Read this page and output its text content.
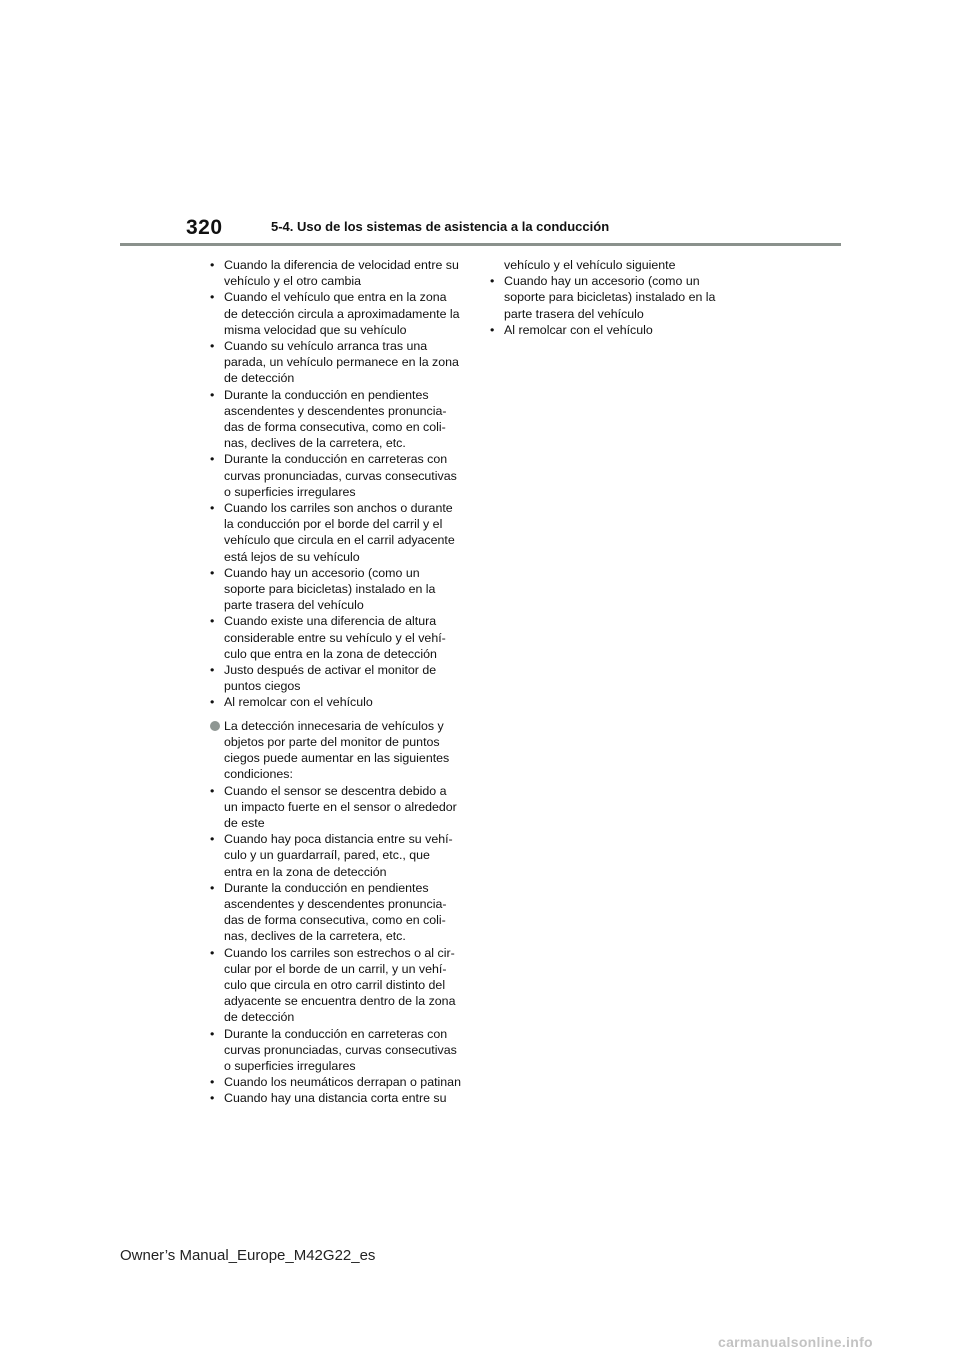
320	5-4. Uso de los sistemas de asistencia a la conducción
• Cuando la diferencia de velocidad entre su
vehículo y el otro cambia
• Cuando el vehículo que entra en la zona
de detección circula a aproximadamente la
misma velocidad que su vehículo
• Cuando su vehículo arranca tras una
parada, un vehículo permanece en la zona
de detección
• Durante la conducción en pendientes
ascendentes y descendentes pronuncia-
das de forma consecutiva, como en coli-
nas, declives de la carretera, etc.
• Durante la conducción en carreteras con
curvas pronunciadas, curvas consecutivas
o superficies irregulares
• Cuando los carriles son anchos o durante
la conducción por el borde del carril y el
vehículo que circula en el carril adyacente
está lejos de su vehículo
• Cuando hay un accesorio (como un
soporte para bicicletas) instalado en la
parte trasera del vehículo
• Cuando existe una diferencia de altura
considerable entre su vehículo y el vehí-
culo que entra en la zona de detección
• Justo después de activar el monitor de
puntos ciegos
• Al remolcar con el vehículo
La detección innecesaria de vehículos y
objetos por parte del monitor de puntos
ciegos puede aumentar en las siguientes
condiciones:
• Cuando el sensor se descentra debido a
un impacto fuerte en el sensor o alrededor
de este
• Cuando hay poca distancia entre su vehí-
culo y un guardarraíl, pared, etc., que
entra en la zona de detección
• Durante la conducción en pendientes
ascendentes y descendentes pronuncia-
das de forma consecutiva, como en coli-
nas, declives de la carretera, etc.
• Cuando los carriles son estrechos o al cir-
cular por el borde de un carril, y un vehí-
culo que circula en otro carril distinto del
adyacente se encuentra dentro de la zona
de detección
• Durante la conducción en carreteras con
curvas pronunciadas, curvas consecutivas
o superficies irregulares
• Cuando los neumáticos derrapan o patinan
• Cuando hay una distancia corta entre su
vehículo y el vehículo siguiente
• Cuando hay un accesorio (como un
soporte para bicicletas) instalado en la
parte trasera del vehículo
• Al remolcar con el vehículo
Owner’s Manual_Europe_M42G22_es
carmanualsonline.info
